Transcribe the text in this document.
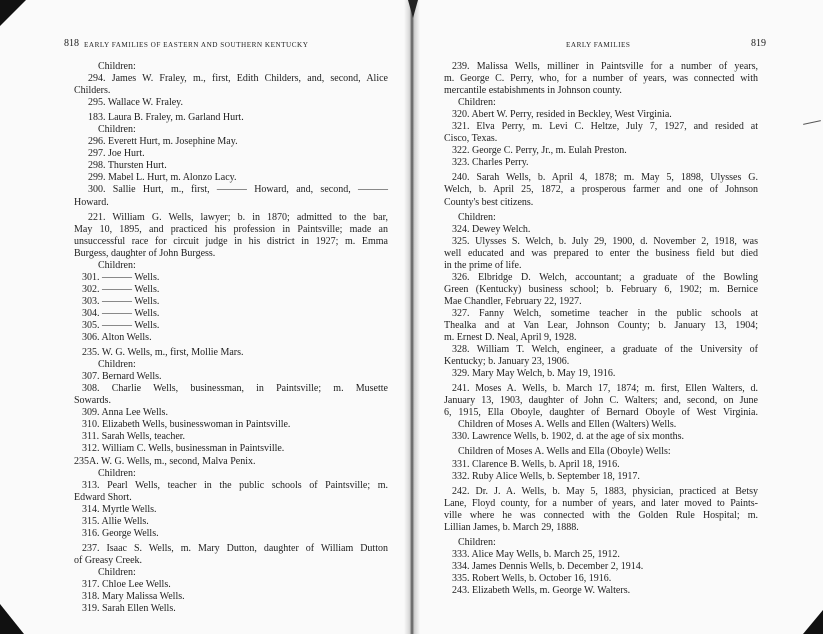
818 EARLY FAMILIES OF EASTERN AND SOUTHERN KENTUCKY
Children:
294. James W. Fraley, m., first, Edith Childers, and, second, Alice
Childers.
295. Wallace W. Fraley.
183. Laura B. Fraley, m. Garland Hurt.
Children:
296. Everett Hurt, m. Josephine May.
297. Joe Hurt.
298. Thursten Hurt.
299. Mabel L. Hurt, m. Alonzo Lacy.
300. Sallie Hurt, m., first, ——— Howard, and, second, ———
Howard.
221. William G. Wells, lawyer; b. in 1870; admitted to the bar,
May 10, 1895, and practiced his profession in Paintsville; made an
unsuccessful race for circuit judge in his district in 1927; m. Emma
Burgess, daughter of John Burgess.
Children:
301. ——— Wells.
302. ——— Wells.
303. ——— Wells.
304. ——— Wells.
305. ——— Wells.
306. Alton Wells.
235. W. G. Wells, m., first, Mollie Mars.
Children:
307. Bernard Wells.
308. Charlie Wells, businessman, in Paintsville; m. Musette
Sowards.
309. Anna Lee Wells.
310. Elizabeth Wells, businesswoman in Paintsville.
311. Sarah Wells, teacher.
312. William C. Wells, businessman in Paintsville.
235A. W. G. Wells, m., second, Malva Penix.
Children:
313. Pearl Wells, teacher in the public schools of Paintsville; m.
Edward Short.
314. Myrtle Wells.
315. Allie Wells.
316. George Wells.
237. Isaac S. Wells, m. Mary Dutton, daughter of William Dutton
of Greasy Creek.
Children:
317. Chloe Lee Wells.
318. Mary Malissa Wells.
319. Sarah Ellen Wells.
EARLY FAMILIES	819
239. Malissa Wells, milliner in Paintsville for a number of years,
m. George C. Perry, who, for a number of years, was connected with
mercantile estabishments in Johnson county.
Children:
320. Abert W. Perry, resided in Beckley, West Virginia.
321. Elva Perry, m. Levi C. Heltze, July 7, 1927, and resided at
Cisco, Texas.
322. George C. Perry, Jr., m. Eulah Preston.
323. Charles Perry.
240. Sarah Wells, b. April 4, 1878; m. May 5, 1898, Ulysses G.
Welch, b. April 25, 1872, a prosperous farmer and one of Johnson
County's best citizens.
Children:
324. Dewey Welch.
325. Ulysses S. Welch, b. July 29, 1900, d. November 2, 1918, was
well educated and was prepared to enter the business field but died
in the prime of life.
326. Elbridge D. Welch, accountant; a graduate of the Bowling
Green (Kentucky) business school; b. February 6, 1902; m. Bernice
Mae Chandler, February 22, 1927.
327. Fanny Welch, sometime teacher in the public schools at
Thealka and at Van Lear, Johnson County; b. January 13, 1904;
m. Ernest D. Neal, April 9, 1928.
328. William T. Welch, engineer, a graduate of the University of
Kentucky; b. January 23, 1906.
329. Mary May Welch, b. May 19, 1916.
241. Moses A. Wells, b. March 17, 1874; m. first, Ellen Walters, d.
January 13, 1903, daughter of John C. Walters; and, second, on June
6, 1915, Ella Oboyle, daughter of Bernard Oboyle of West Virginia.
Children of Moses A. Wells and Ellen (Walters) Wells.
330. Lawrence Wells, b. 1902, d. at the age of six months.
Children of Moses A. Wells and Ella (Oboyle) Wells:
331. Clarence B. Wells, b. April 18, 1916.
332. Ruby Alice Wells, b. September 18, 1917.
242. Dr. J. A. Wells, b. May 5, 1883, physician, practiced at Betsy
Lane, Floyd county, for a number of years, and later moved to Paints-
ville where he was connected with the Golden Rule Hospital; m.
Lillian James, b. March 29, 1888.
Children:
333. Alice May Wells, b. March 25, 1912.
334. James Dennis Wells, b. December 2, 1914.
335. Robert Wells, b. October 16, 1916.
243. Elizabeth Wells, m. George W. Walters.
